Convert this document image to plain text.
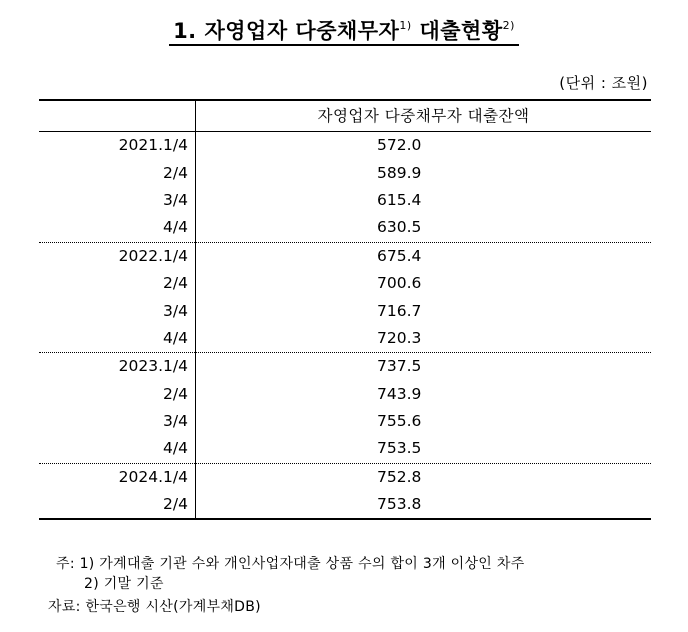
1. 자영업자 다중채무자$^{1)}$ 대출현황$^{2)}$
(단위 : 조원)
	자영업자 다중채무자 대출잔액
2021.1/4	572.0
2/4	589.9
3/4	615.4
4/4	630.5
2022.1/4	675.4
2/4	700.6
3/4	716.7
4/4	720.3
2023.1/4	737.5
2/4	743.9
3/4	755.6
4/4	753.5
2024.1/4	752.8
2/4	753.8
주: 1) 가계대출 기관 수와 개인사업자대출 상품 수의 합이 3개 이상인 차주
2) 기말 기준
자료: 한국은행 시산(가계부채DB)
